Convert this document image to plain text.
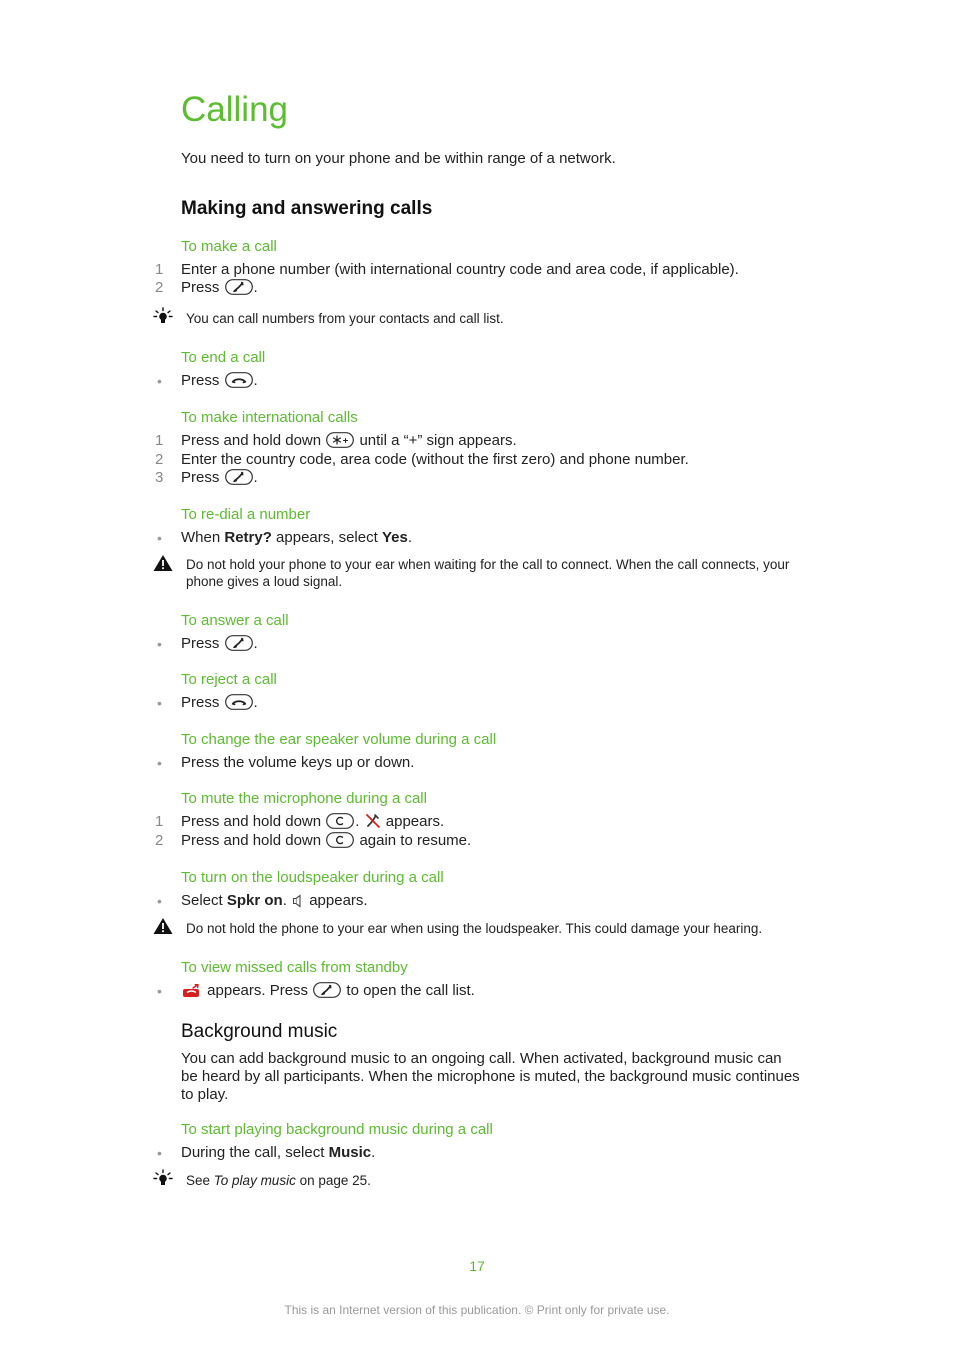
Calling
You need to turn on your phone and be within range of a network.
Making and answering calls
To make a call
1 Enter a phone number (with international country code and area code, if applicable).
2 Press .
You can call numbers from your contacts and call list.
To end a call
• Press .
To make international calls
1 Press and hold down	until a “+” sign appears.
2 Enter the country code, area code (without the first zero) and phone number.
3 Press .
To re-dial a number
• When Retry? appears, select Yes.
Do not hold your phone to your ear when waiting for the call to connect. When the call connects, your phone gives a loud signal.
To answer a call
• Press .
To reject a call
• Press .
To change the ear speaker volume during a call
• Press the volume keys up or down.
To mute the microphone during a call
1 Press and hold down . appears.
2 Press and hold down	again to resume.
To turn on the loudspeaker during a call
• Select Spkr on. appears.
Do not hold the phone to your ear when using the loudspeaker. This could damage your hearing.
To view missed calls from standby
•	appears. Press	to open the call list.
Background music
You can add background music to an ongoing call. When activated, background music can be heard by all participants. When the microphone is muted, the background music continues to play.
To start playing background music during a call
• During the call, select Music.
See To play music on page 25.
17
This is an Internet version of this publication. © Print only for private use.
